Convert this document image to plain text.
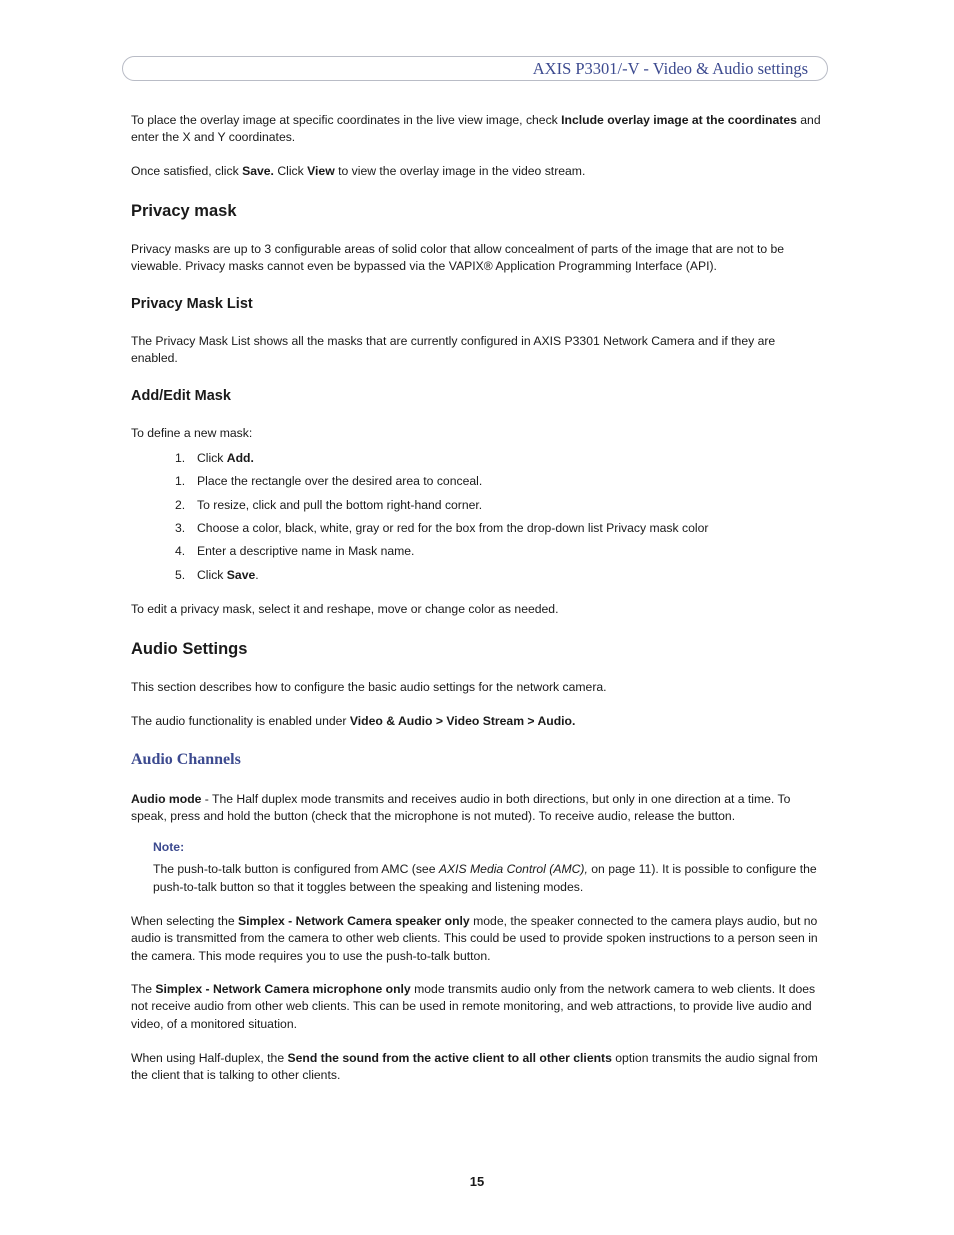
AXIS P3301/-V - Video & Audio settings

To place the overlay image at specific coordinates in the live view image, check Include overlay image at the coordinates and enter the X and Y coordinates.

Once satisfied, click Save. Click View to view the overlay image in the video stream.

Privacy mask

Privacy masks are up to 3 configurable areas of solid color that allow concealment of parts of the image that are not to be viewable. Privacy masks cannot even be bypassed via the VAPIX® Application Programming Interface (API).

Privacy Mask List

The Privacy Mask List shows all the masks that are currently configured in AXIS P3301 Network Camera and if they are enabled.

Add/Edit Mask

To define a new mask:

1. Click Add.
1. Place the rectangle over the desired area to conceal.
2. To resize, click and pull the bottom right-hand corner.
3. Choose a color, black, white, gray or red for the box from the drop-down list Privacy mask color
4. Enter a descriptive name in Mask name.
5. Click Save.

To edit a privacy mask, select it and reshape, move or change color as needed.

Audio Settings

This section describes how to configure the basic audio settings for the network camera.

The audio functionality is enabled under Video & Audio > Video Stream > Audio.

Audio Channels

Audio mode - The Half duplex mode transmits and receives audio in both directions, but only in one direction at a time. To speak, press and hold the button (check that the microphone is not muted). To receive audio, release the button.

Note:
The push-to-talk button is configured from AMC (see AXIS Media Control (AMC), on page 11). It is possible to configure the push-to-talk button so that it toggles between the speaking and listening modes.

When selecting the Simplex - Network Camera speaker only mode, the speaker connected to the camera plays audio, but no audio is transmitted from the camera to other web clients. This could be used to provide spoken instructions to a person seen in the camera. This mode requires you to use the push-to-talk button.

The Simplex - Network Camera microphone only mode transmits audio only from the network camera to web clients. It does not receive audio from other web clients. This can be used in remote monitoring, and web attractions, to provide live audio and video, of a monitored situation.

When using Half-duplex, the Send the sound from the active client to all other clients option transmits the audio signal from the client that is talking to other clients.

15
